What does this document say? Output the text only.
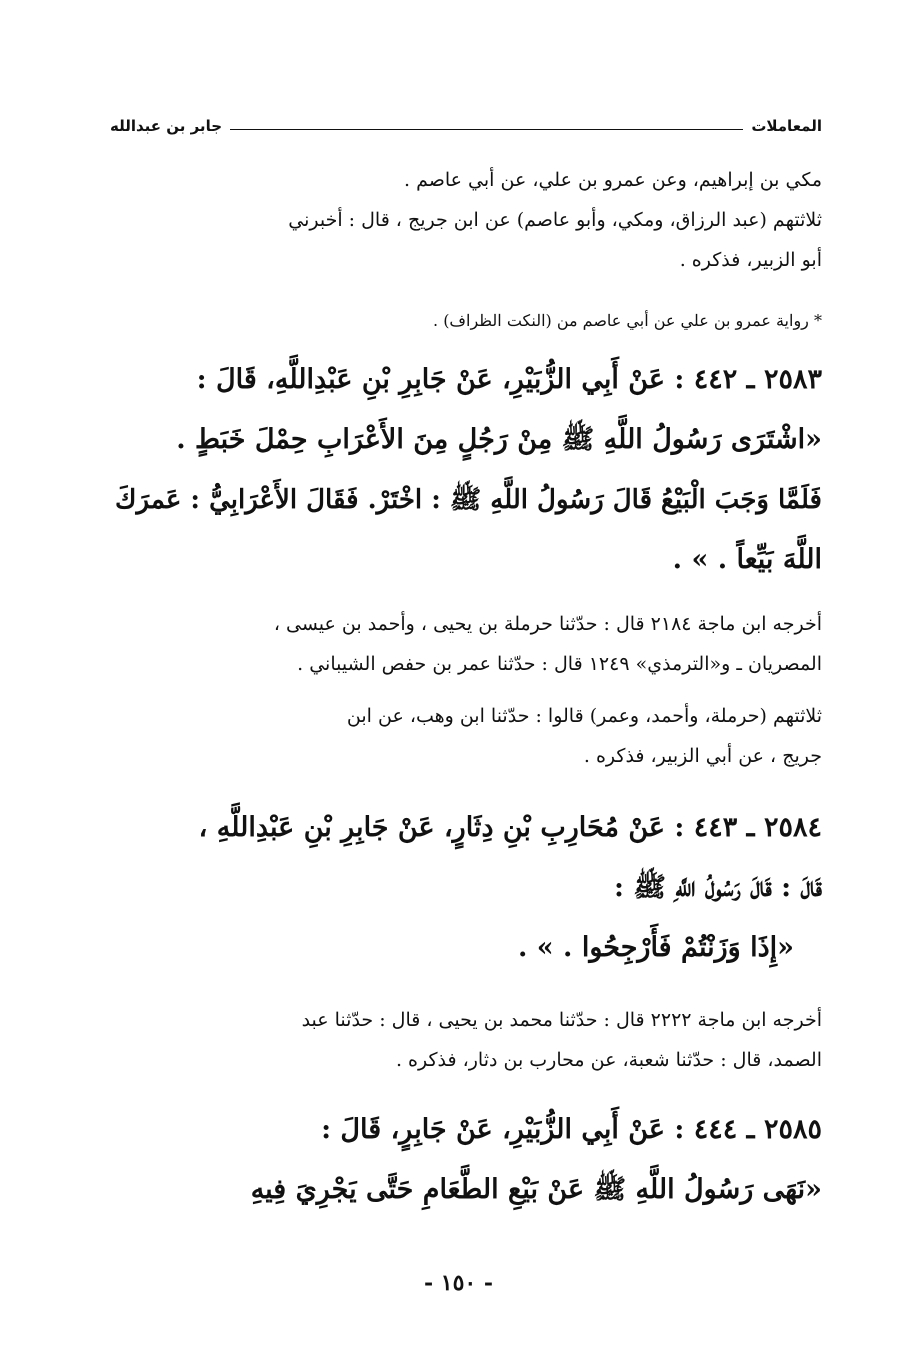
المعاملات
جابر بن عبدالله
مكي بن إبراهيم، وعن عمرو بن علي، عن أبي عاصم .
ثلاثتهم (عبد الرزاق، ومكي، وأبو عاصم) عن ابن جريج ، قال : أخبرني
أبو الزبير، فذكره .
* رواية عمرو بن علي عن أبي عاصم من (النكت الظراف) .
٢٥٨٣ ـ ٤٤٢ : عَنْ أَبِي الزُّبَيْرِ، عَنْ جَابِرِ بْنِ عَبْدِاللَّهِ، قَالَ :
«اشْتَرَى رَسُولُ اللَّهِ ﷺ مِنْ رَجُلٍ مِنَ الأَعْرَابِ حِمْلَ خَبَطٍ .
فَلَمَّا وَجَبَ الْبَيْعُ قَالَ رَسُولُ اللَّهِ ﷺ : اخْتَرْ. فَقَالَ الأَعْرَابِيُّ : عَمرَكَ
اللَّهَ بَيِّعاً . » .
أخرجه ابن ماجة ٢١٨٤ قال : حدّثنا حرملة بن يحيى ، وأحمد بن عيسى ،
المصريان ـ و«الترمذي» ١٢٤٩ قال : حدّثنا عمر بن حفص الشيباني .
ثلاثتهم (حرملة، وأحمد، وعمر) قالوا : حدّثنا ابن وهب، عن ابن
جريج ، عن أبي الزبير، فذكره .
٢٥٨٤ ـ ٤٤٣ : عَنْ مُحَارِبِ بْنِ دِثَارٍ، عَنْ جَابِرِ بْنِ عَبْدِاللَّهِ ،
قَالَ : قَالَ رَسُولُ اللَّهِ ﷺ :
«إِذَا وَزَنْتُمْ فَأَرْجِحُوا . » .
أخرجه ابن ماجة ٢٢٢٢ قال : حدّثنا محمد بن يحيى ، قال : حدّثنا عبد
الصمد، قال : حدّثنا شعبة، عن محارب بن دثار، فذكره .
٢٥٨٥ ـ ٤٤٤ : عَنْ أَبِي الزُّبَيْرِ، عَنْ جَابِرٍ، قَالَ :
«نَهَى رَسُولُ اللَّهِ ﷺ عَنْ بَيْعِ الطَّعَامِ حَتَّى يَجْرِيَ فِيهِ
- ١٥٠ -
